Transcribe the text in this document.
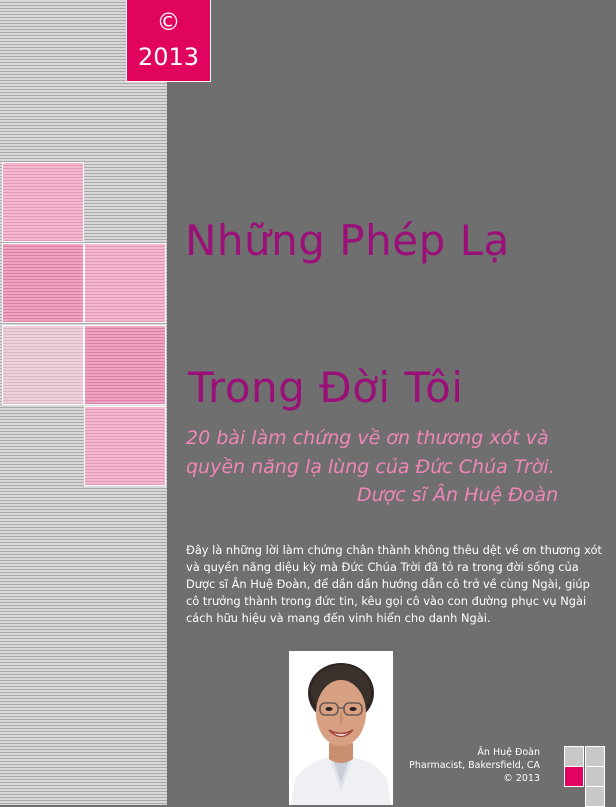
©
2013
Những Phép Lạ
Trong Đời Tôi
20 bài làm chứng về ơn thương xót và
quyền năng lạ lùng của Đức Chúa Trời.
Dược sĩ Ân Huệ Đoàn
Đây là những lời làm chứng chân thành không thêu dệt về ơn thương xót và quyền năng diệu kỳ mà Đức Chúa Trời đã tỏ ra trong đời sống của Dược sĩ Ân Huệ Đoàn, để dần dần hướng dẫn cô trở về cùng Ngài, giúp cô trưởng thành trong đức tin, kêu gọi cô vào con đường phục vụ Ngài cách hữu hiệu và mang đến vinh hiển cho danh Ngài.
Ân Huệ Đoàn
Pharmacist, Bakersfield, CA
© 2013
